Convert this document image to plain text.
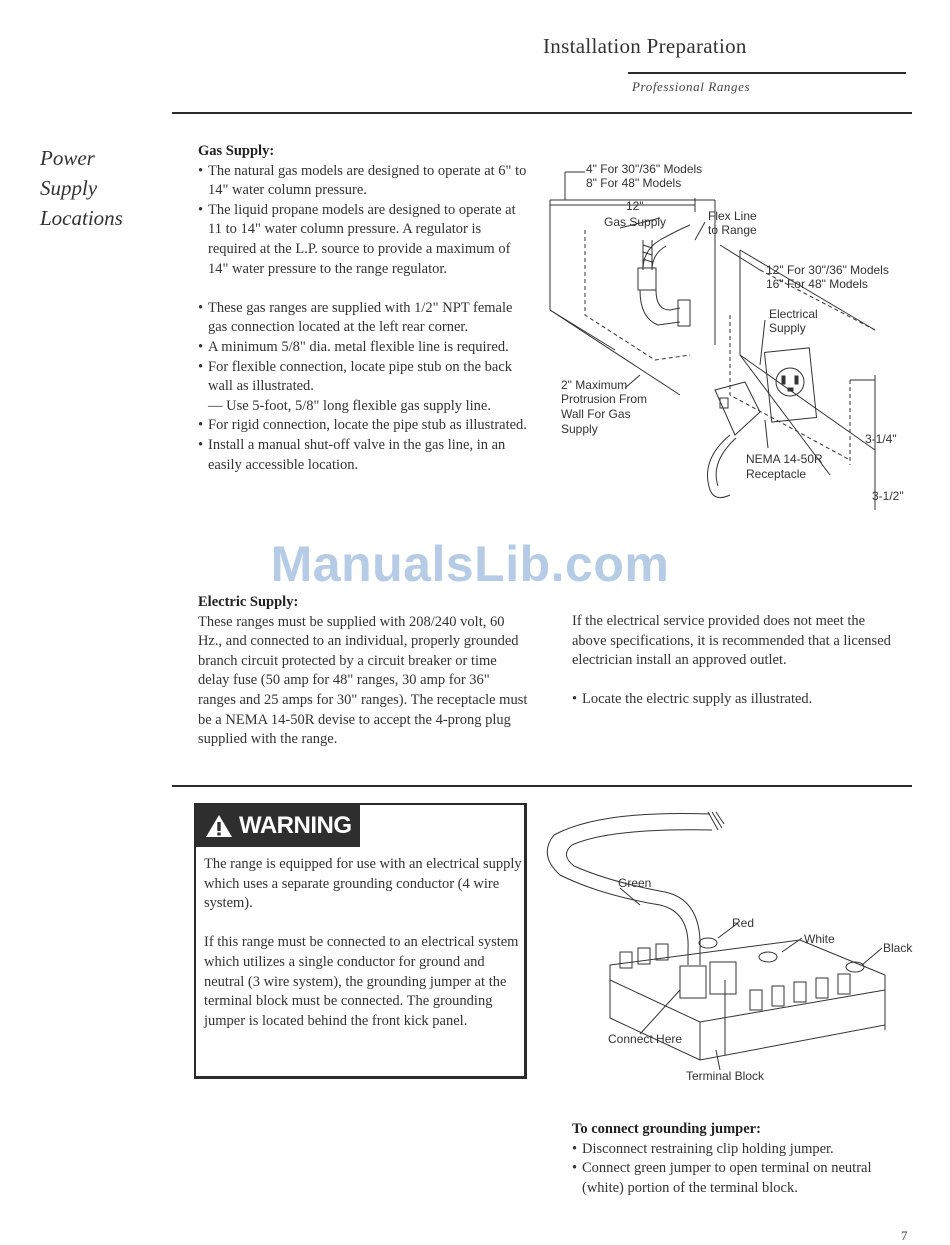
Installation Preparation
Professional Ranges
Power
Supply
Locations
Gas Supply:
• The natural gas models are designed to operate at 6" to 14" water column pressure.
• The liquid propane models are designed to operate at 11 to 14" water column pressure. A regulator is required at the L.P. source to provide a maximum of 14" water pressure to the range regulator.
• These gas ranges are supplied with 1/2" NPT female gas connection located at the left rear corner.
• A minimum 5/8" dia. metal flexible line is required.
• For flexible connection, locate pipe stub on the back wall as illustrated.
— Use 5-foot, 5/8" long flexible gas supply line.
• For rigid connection, locate the pipe stub as illustrated.
• Install a manual shut-off valve in the gas line, in an easily accessible location.
4" For 30"/36" Models
8" For 48" Models
12"
Gas Supply	Flex Line
to Range
12" For 30"/36" Models
16" For 48" Models
Electrical
Supply
2" Maximum
Protrusion From
Wall For Gas
Supply
NEMA 14-50R
Receptacle
3-1/4"
3-1/2"
ManualsLib.com
Electric Supply:
These ranges must be supplied with 208/240 volt, 60 Hz., and connected to an individual, properly grounded branch circuit protected by a circuit breaker or time delay fuse (50 amp for 48" ranges, 30 amp for 36" ranges and 25 amps for 30" ranges). The receptacle must be a NEMA 14-50R devise to accept the 4-prong plug supplied with the range.
If the electrical service provided does not meet the above specifications, it is recommended that a licensed electrician install an approved outlet.
• Locate the electric supply as illustrated.
WARNING
The range is equipped for use with an electrical supply which uses a separate grounding conductor (4 wire system).
If this range must be connected to an electrical system which utilizes a single conductor for ground and neutral (3 wire system), the grounding jumper at the terminal block must be connected. The grounding jumper is located behind the front kick panel.
Green
Red
White
Black
Connect Here
Terminal Block
To connect grounding jumper:
• Disconnect restraining clip holding jumper.
• Connect green jumper to open terminal on neutral (white) portion of the terminal block.
7
